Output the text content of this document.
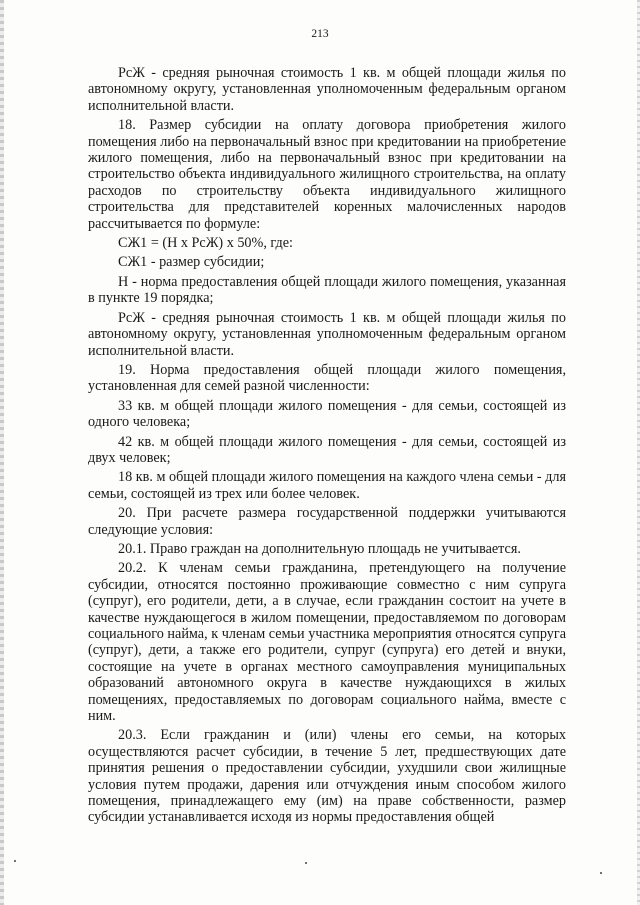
213

РсЖ - средняя рыночная стоимость 1 кв. м общей площади жилья по автономному округу, установленная уполномоченным федеральным органом исполнительной власти.

18. Размер субсидии на оплату договора приобретения жилого помещения либо на первоначальный взнос при кредитовании на приобретение жилого помещения, либо на первоначальный взнос при кредитовании на строительство объекта индивидуального жилищного строительства, на оплату расходов по строительству объекта индивидуального жилищного строительства для представителей коренных малочисленных народов рассчитывается по формуле:

СЖ1 = (Н х РсЖ) х 50%, где:

СЖ1 - размер субсидии;

Н - норма предоставления общей площади жилого помещения, указанная в пункте 19 порядка;

РсЖ - средняя рыночная стоимость 1 кв. м общей площади жилья по автономному округу, установленная уполномоченным федеральным органом исполнительной власти.

19. Норма предоставления общей площади жилого помещения, установленная для семей разной численности:

33 кв. м общей площади жилого помещения - для семьи, состоящей из одного человека;

42 кв. м общей площади жилого помещения - для семьи, состоящей из двух человек;

18 кв. м общей площади жилого помещения на каждого члена семьи - для семьи, состоящей из трех или более человек.

20. При расчете размера государственной поддержки учитываются следующие условия:

20.1. Право граждан на дополнительную площадь не учитывается.

20.2. К членам семьи гражданина, претендующего на получение субсидии, относятся постоянно проживающие совместно с ним супруга (супруг), его родители, дети, а в случае, если гражданин состоит на учете в качестве нуждающегося в жилом помещении, предоставляемом по договорам социального найма, к членам семьи участника мероприятия относятся супруга (супруг), дети, а также его родители, супруг (супруга) его детей и внуки, состоящие на учете в органах местного самоуправления муниципальных образований автономного округа в качестве нуждающихся в жилых помещениях, предоставляемых по договорам социального найма, вместе с ним.

20.3. Если гражданин и (или) члены его семьи, на которых осуществляются расчет субсидии, в течение 5 лет, предшествующих дате принятия решения о предоставлении субсидии, ухудшили свои жилищные условия путем продажи, дарения или отчуждения иным способом жилого помещения, принадлежащего ему (им) на праве собственности, размер субсидии устанавливается исходя из нормы предоставления общей
